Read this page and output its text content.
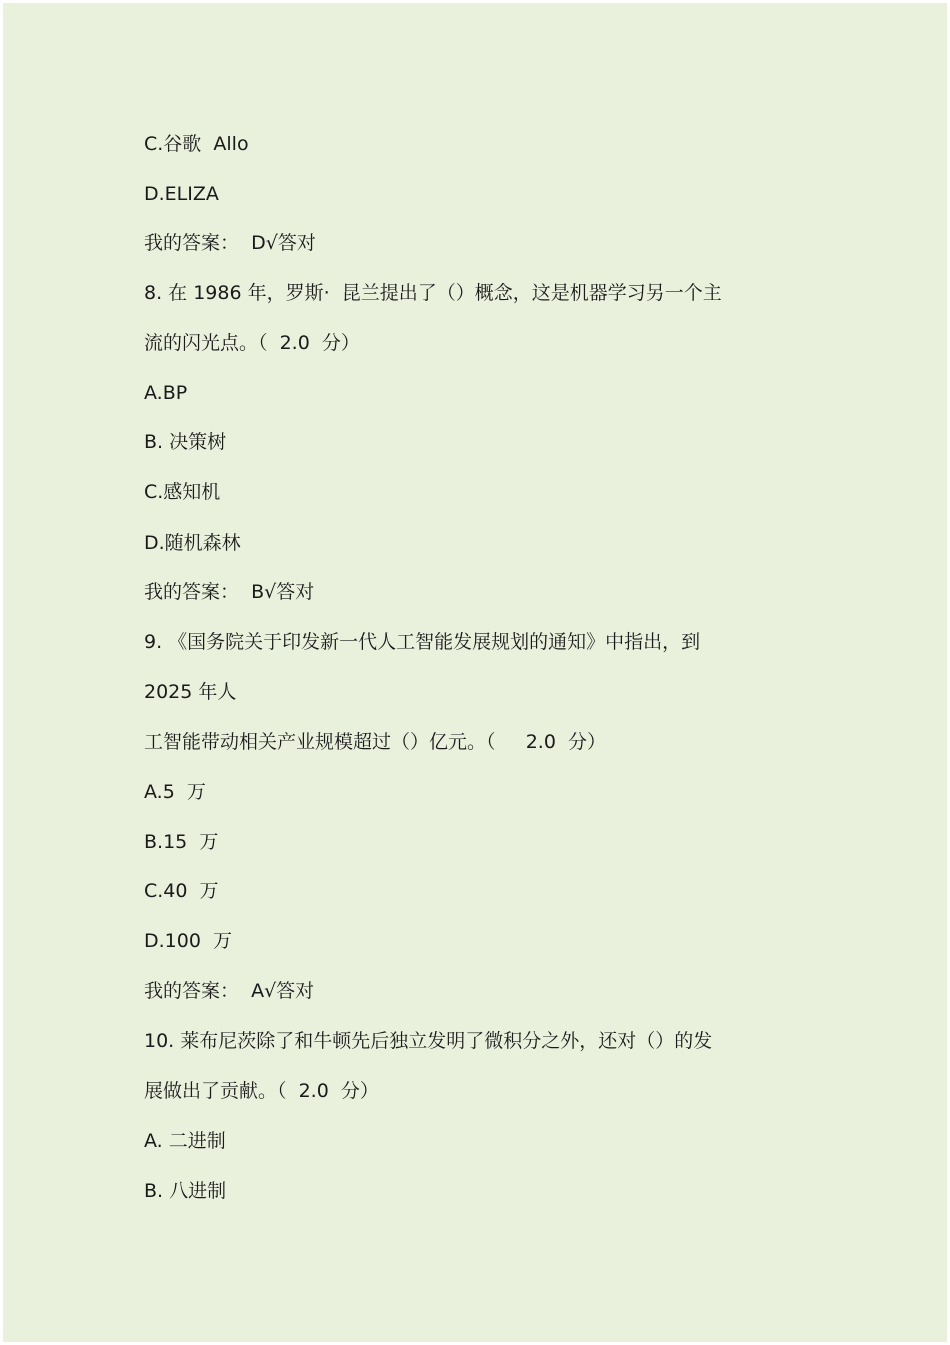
C.谷歌  Allo
D.ELIZA
我的答案：  D√答对
8. 在 1986 年，罗斯·  昆兰提出了（）概念，这是机器学习另一个主
流的闪光点。（  2.0  分）
A.BP
B. 决策树
C.感知机
D.随机森林
我的答案：  B√答对
9. 《国务院关于印发新一代人工智能发展规划的通知》中指出，到
2025 年人
工智能带动相关产业规模超过（）亿元。（     2.0  分）
A.5  万
B.15  万
C.40  万
D.100  万
我的答案：  A√答对
10. 莱布尼茨除了和牛顿先后独立发明了微积分之外，还对（）的发
展做出了贡献。（  2.0  分）
A. 二进制
B. 八进制
